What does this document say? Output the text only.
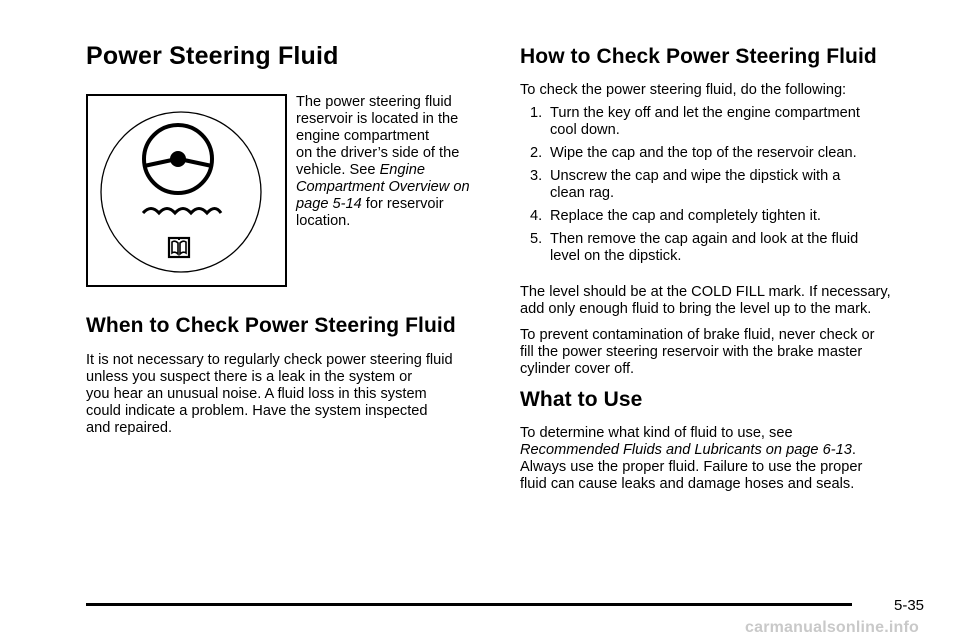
Power Steering Fluid
The power steering fluid
reservoir is located in the
engine compartment
on the driver’s side of the
vehicle. See Engine
Compartment Overview on
page 5-14 for reservoir
location.
When to Check Power Steering Fluid
It is not necessary to regularly check power steering fluid
unless you suspect there is a leak in the system or
you hear an unusual noise. A fluid loss in this system
could indicate a problem. Have the system inspected
and repaired.
How to Check Power Steering Fluid
To check the power steering fluid, do the following:
1. Turn the key off and let the engine compartment
cool down.
2. Wipe the cap and the top of the reservoir clean.
3. Unscrew the cap and wipe the dipstick with a
clean rag.
4. Replace the cap and completely tighten it.
5. Then remove the cap again and look at the fluid
level on the dipstick.
The level should be at the COLD FILL mark. If necessary,
add only enough fluid to bring the level up to the mark.
To prevent contamination of brake fluid, never check or
fill the power steering reservoir with the brake master
cylinder cover off.
What to Use
To determine what kind of fluid to use, see
Recommended Fluids and Lubricants on page 6-13.
Always use the proper fluid. Failure to use the proper
fluid can cause leaks and damage hoses and seals.
5-35
carmanualsonline.info
